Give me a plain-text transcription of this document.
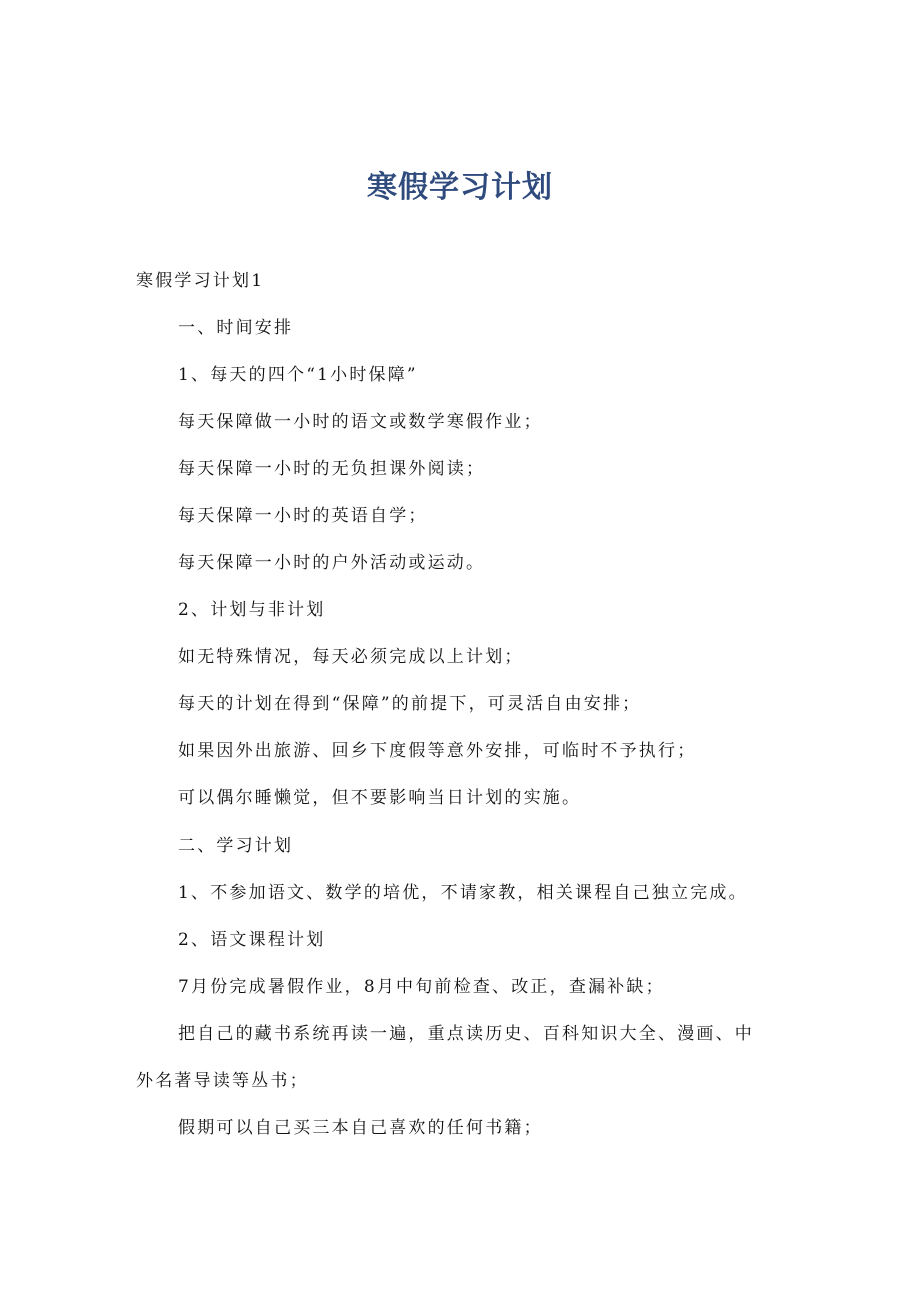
寒假学习计划
寒假学习计划1
一、时间安排
1、每天的四个“1小时保障”
每天保障做一小时的语文或数学寒假作业；
每天保障一小时的无负担课外阅读；
每天保障一小时的英语自学；
每天保障一小时的户外活动或运动。
2、计划与非计划
如无特殊情况，每天必须完成以上计划；
每天的计划在得到“保障”的前提下，可灵活自由安排；
如果因外出旅游、回乡下度假等意外安排，可临时不予执行；
可以偶尔睡懒觉，但不要影响当日计划的实施。
二、学习计划
1、不参加语文、数学的培优，不请家教，相关课程自己独立完成。
2、语文课程计划
7月份完成暑假作业，8月中旬前检查、改正，查漏补缺；
把自己的藏书系统再读一遍，重点读历史、百科知识大全、漫画、中
外名著导读等丛书；
假期可以自己买三本自己喜欢的任何书籍；
